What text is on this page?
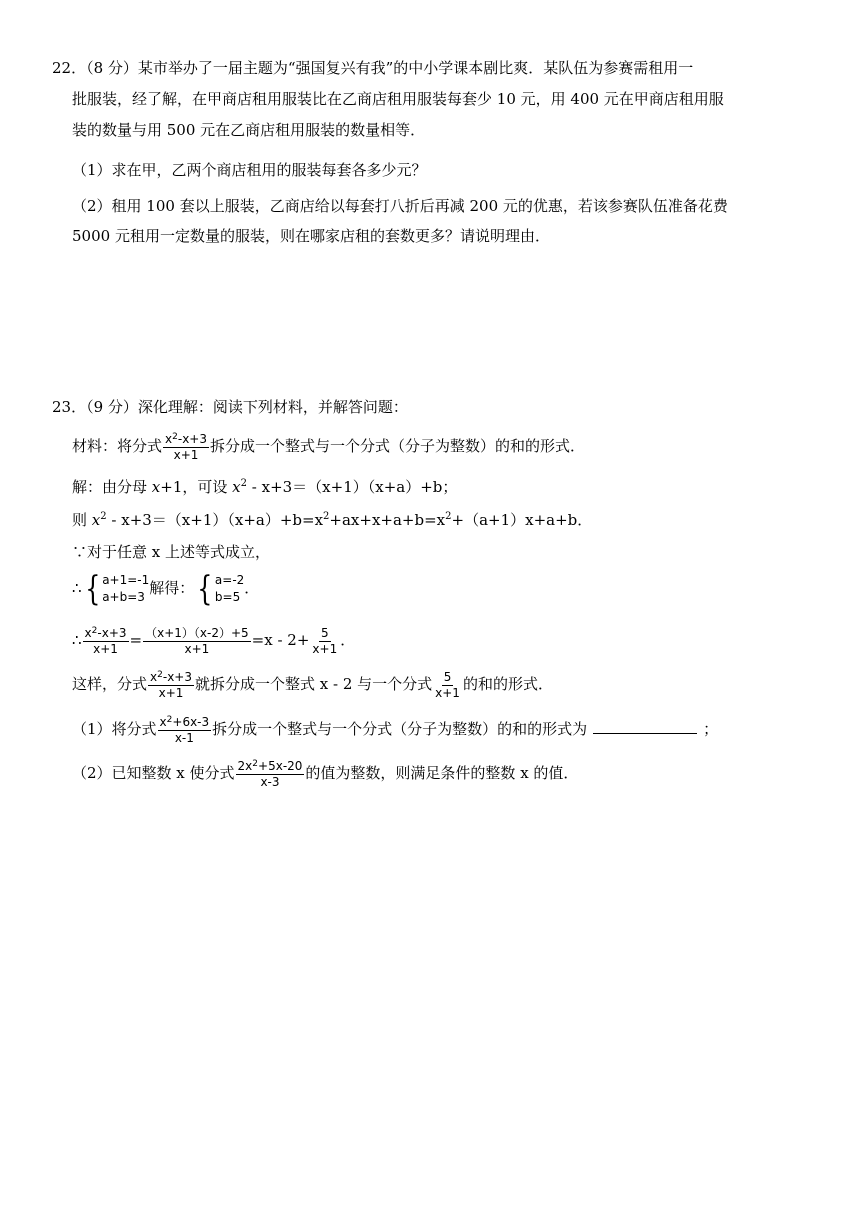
22．（8 分）某市举办了一届主题为“强国复兴有我”的中小学课本剧比爽．某队伍为参赛需租用一
批服装，经了解，在甲商店租用服装比在乙商店租用服装每套少 10 元，用 400 元在甲商店租用服
装的数量与用 500 元在乙商店租用服装的数量相等．
（1）求在甲，乙两个商店租用的服装每套各多少元？
（2）租用 100 套以上服装，乙商店给以每套打八折后再减 200 元的优惠，若该参赛队伍准备花费
5000 元租用一定数量的服装，则在哪家店租的套数更多？请说明理由．
23．（9 分）深化理解：阅读下列材料，并解答问题：
材料：将分式 $\frac{x^2-x+3}{x+1}$ 拆分成一个整式与一个分式（分子为整数）的和的形式．
解：由分母 x+1，可设 $x^2 - x+3=(x+1)(x+a)+b$；
则 $x^2 - x+3=(x+1)(x+a)+b=x^2+ax+x+a+b=x^2+(a+1)x+a+b$．
∵对于任意 x 上述等式成立，
∴ { a+1=-1
a+b=3 解得： { a=-2
b=5 ．
∴ $\frac{x^2-x+3}{x+1} = \frac{(x+1)(x-2)+5}{x+1} =x - 2+ \frac{5}{x+1}$ ．
这样，分式 $\frac{x^2-x+3}{x+1}$ 就拆分成一个整式 x - 2 与一个分式 $\frac{5}{x+1}$ 的和的形式．
（1）将分式 $\frac{x^2+6x-3}{x-1}$ 拆分成一个整式与一个分式（分子为整数）的和的形式为	；
（2）已知整数 x 使分式 $\frac{2x^2+5x-20}{x-3}$ 的值为整数，则满足条件的整数 x 的值．
